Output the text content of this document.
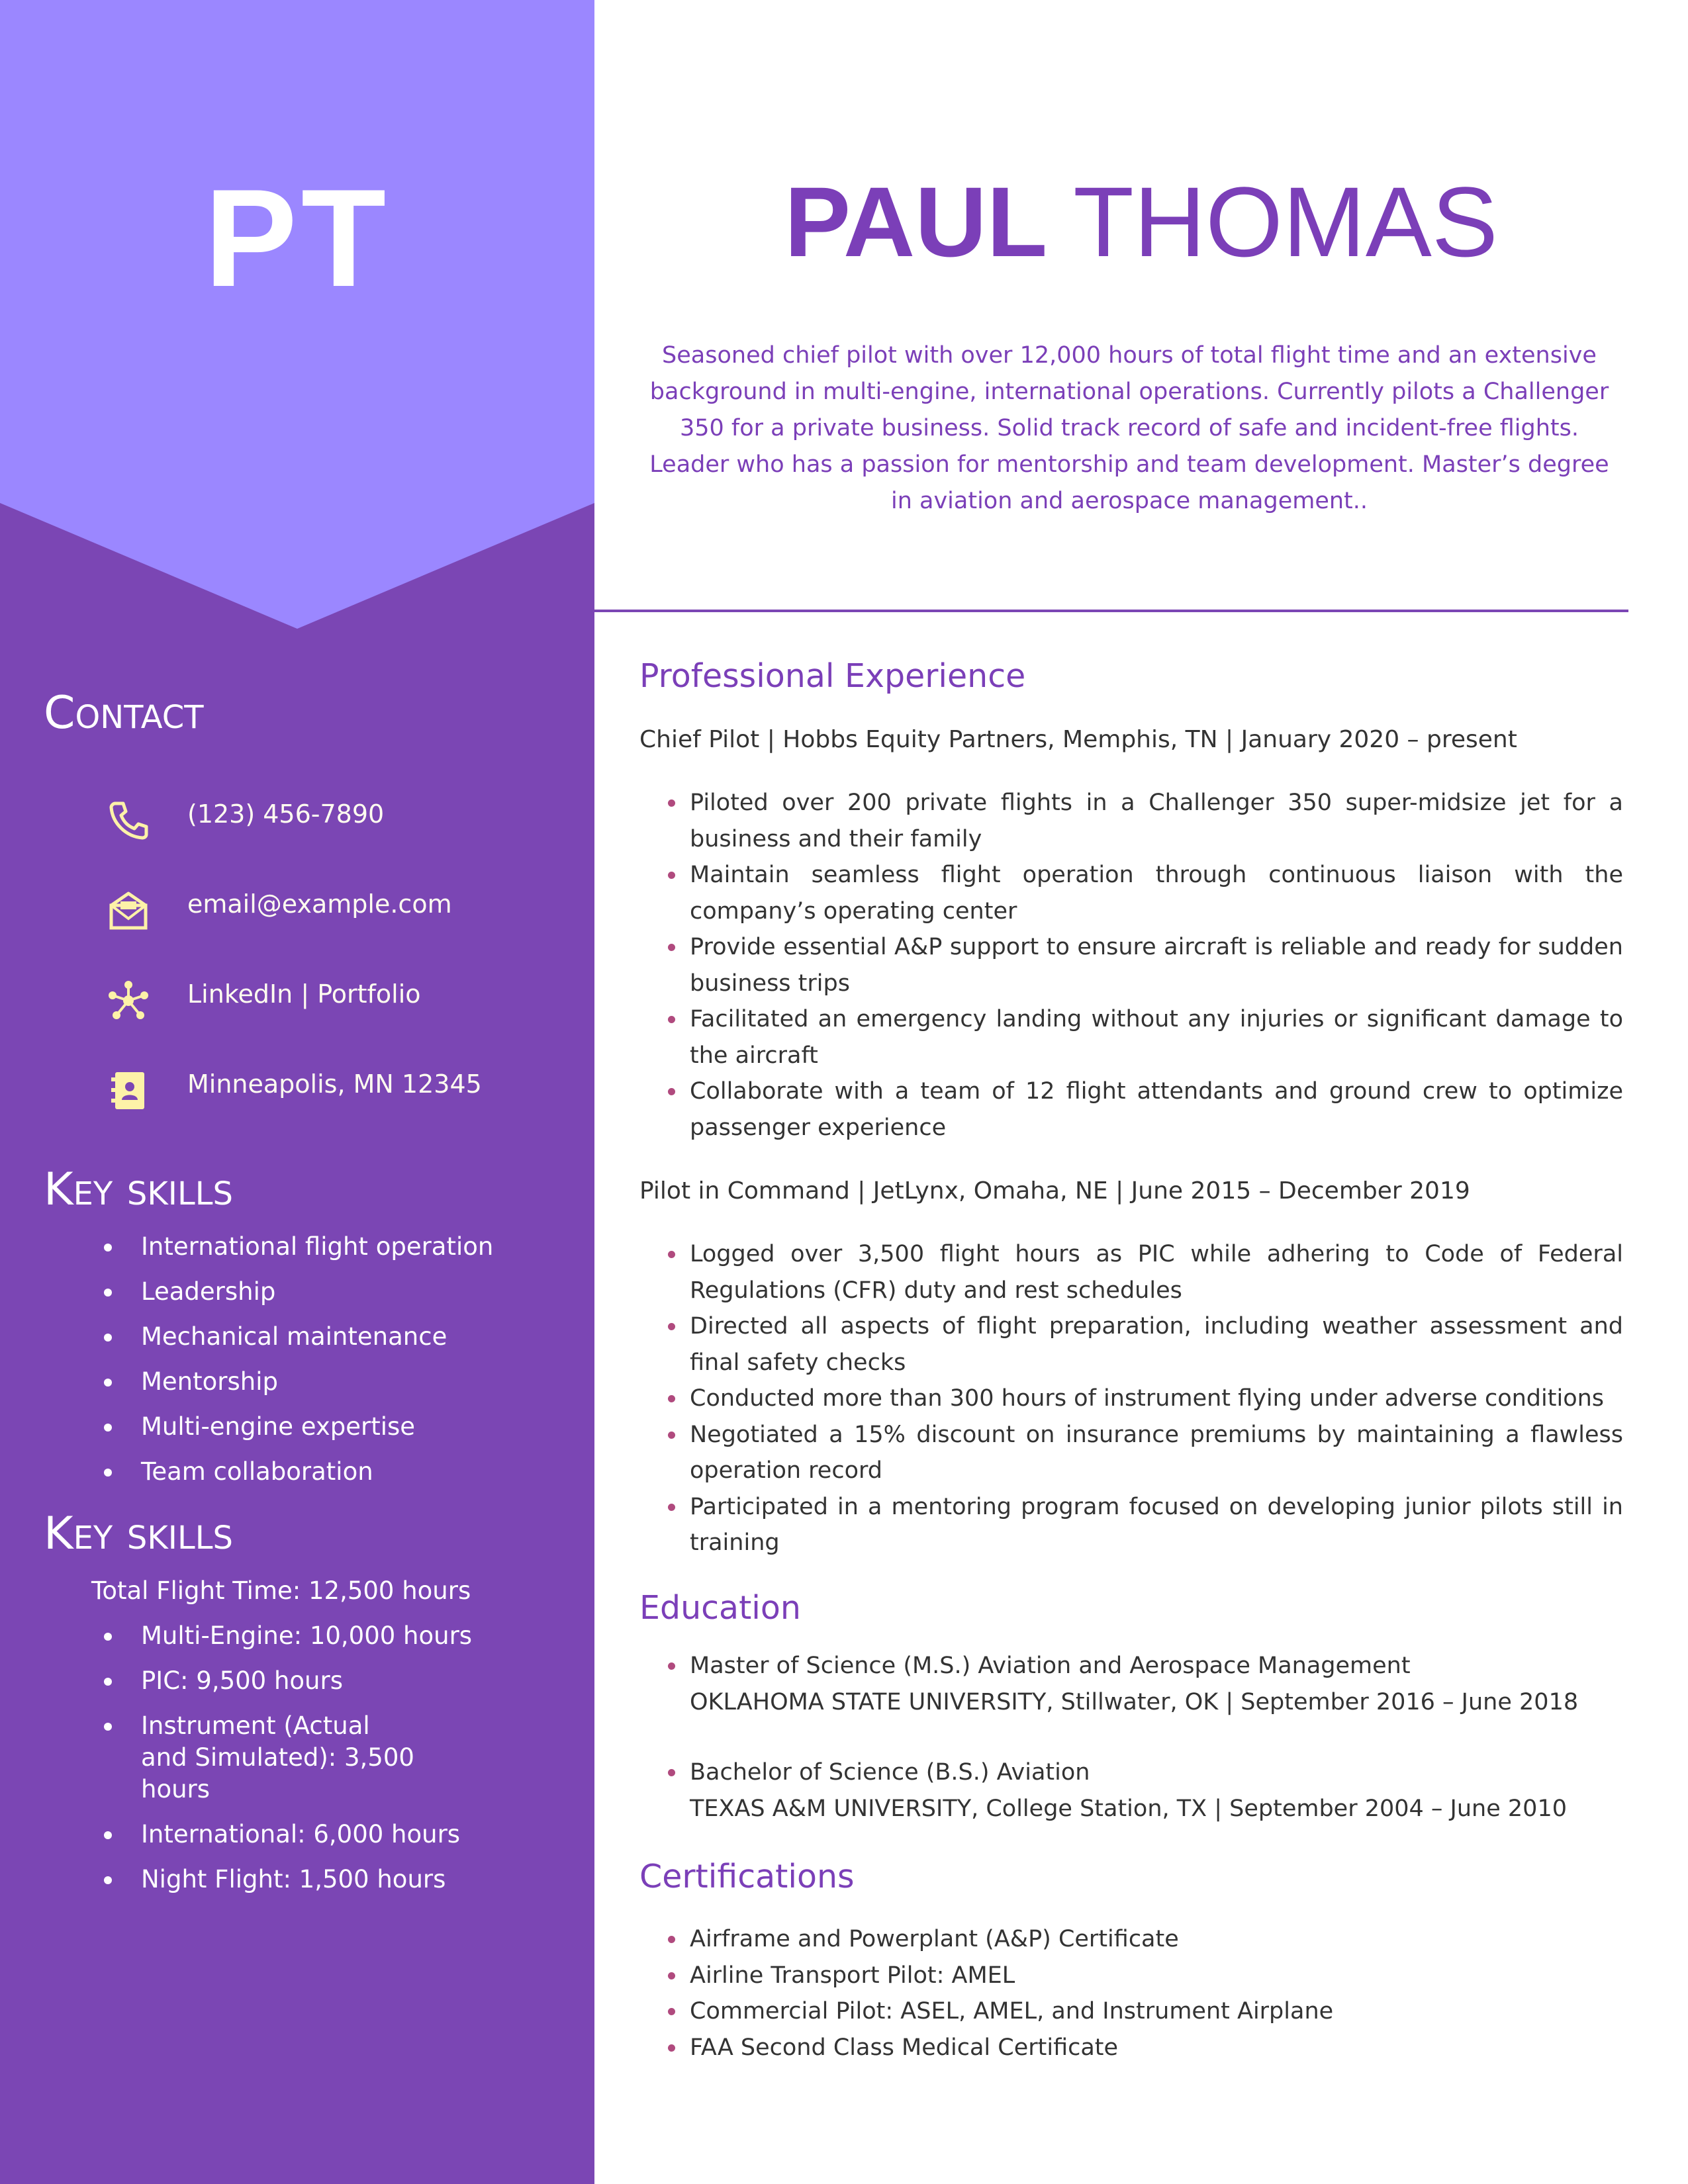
PT
Contact
(123) 456-7890
email@example.com
LinkedIn | Portfolio
Minneapolis, MN 12345
Key skills
International flight operation
Leadership
Mechanical maintenance
Mentorship
Multi-engine expertise
Team collaboration
Key skills
Total Flight Time: 12,500 hours
Multi-Engine: 10,000 hours
PIC: 9,500 hours
Instrument (Actual and Simulated): 3,500 hours
International: 6,000 hours
Night Flight: 1,500 hours
PAUL THOMAS

Seasoned chief pilot with over 12,000 hours of total flight time and an extensive background in multi-engine, international operations. Currently pilots a Challenger 350 for a private business. Solid track record of safe and incident-free flights. Leader who has a passion for mentorship and team development. Master’s degree in aviation and aerospace management..

Professional Experience
Chief Pilot | Hobbs Equity Partners, Memphis, TN | January 2020 – present
Piloted over 200 private flights in a Challenger 350 super-midsize jet for a business and their family
Maintain seamless flight operation through continuous liaison with the company’s operating center
Provide essential A&P support to ensure aircraft is reliable and ready for sudden business trips
Facilitated an emergency landing without any injuries or significant damage to the aircraft
Collaborate with a team of 12 flight attendants and ground crew to optimize passenger experience
Pilot in Command | JetLynx, Omaha, NE | June 2015 – December 2019
Logged over 3,500 flight hours as PIC while adhering to Code of Federal Regulations (CFR) duty and rest schedules
Directed all aspects of flight preparation, including weather assessment and final safety checks
Conducted more than 300 hours of instrument flying under adverse conditions
Negotiated a 15% discount on insurance premiums by maintaining a flawless operation record
Participated in a mentoring program focused on developing junior pilots still in training
Education
Master of Science (M.S.) Aviation and Aerospace Management
OKLAHOMA STATE UNIVERSITY, Stillwater, OK | September 2016 – June 2018
Bachelor of Science (B.S.) Aviation
TEXAS A&M UNIVERSITY, College Station, TX | September 2004 – June 2010
Certifications
Airframe and Powerplant (A&P) Certificate
Airline Transport Pilot: AMEL
Commercial Pilot: ASEL, AMEL, and Instrument Airplane
FAA Second Class Medical Certificate
